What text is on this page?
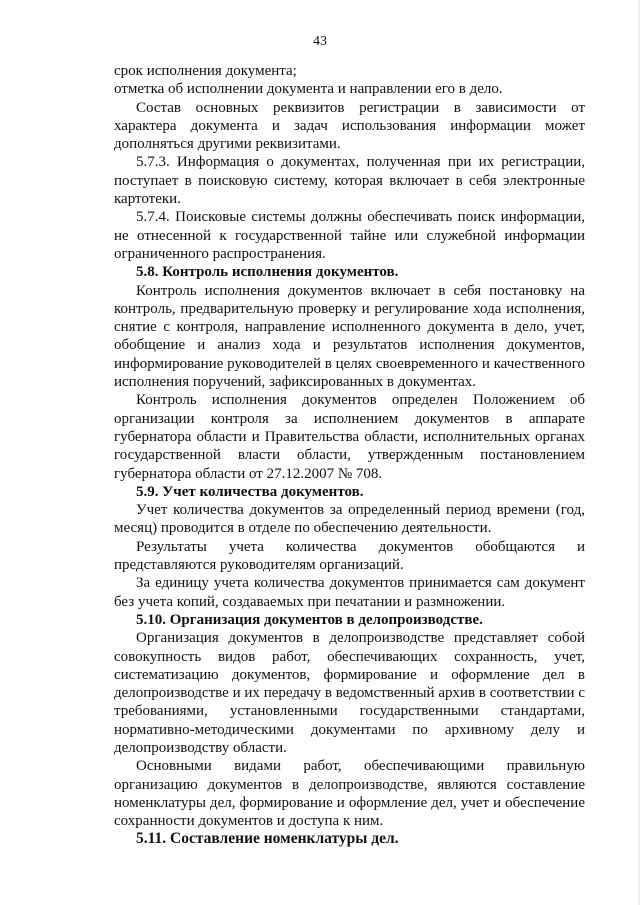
43

срок исполнения документа;

отметка об исполнении документа и направлении его в дело.

Состав основных реквизитов регистрации в зависимости от характера документа и задач использования информации может дополняться другими реквизитами.

5.7.3. Информация о документах, полученная при их регистрации, поступает в поисковую систему, которая включает в себя электронные картотеки.

5.7.4. Поисковые системы должны обеспечивать поиск информации, не отнесенной к государственной тайне или служебной информации ограниченного распространения.

5.8. Контроль исполнения документов.

Контроль исполнения документов включает в себя постановку на контроль, предварительную проверку и регулирование хода исполнения, снятие с контроля, направление исполненного документа в дело, учет, обобщение и анализ хода и результатов исполнения документов, информирование руководителей в целях своевременного и качественного исполнения поручений, зафиксированных в документах.

Контроль исполнения документов определен Положением об организации контроля за исполнением документов в аппарате губернатора области и Правительства области, исполнительных органах государственной власти области, утвержденным постановлением губернатора области от 27.12.2007 № 708.

5.9. Учет количества документов.

Учет количества документов за определенный период времени (год, месяц) проводится в отделе по обеспечению деятельности.

Результаты учета количества документов обобщаются и представляются руководителям организаций.

За единицу учета количества документов принимается сам документ без учета копий, создаваемых при печатании и размножении.

5.10. Организация документов в делопроизводстве.

Организация документов в делопроизводстве представляет собой совокупность видов работ, обеспечивающих сохранность, учет, систематизацию документов, формирование и оформление дел в делопроизводстве и их передачу в ведомственный архив в соответствии с требованиями, установленными государственными стандартами, нормативно-методическими документами по архивному делу и делопроизводству области.

Основными видами работ, обеспечивающими правильную организацию документов в делопроизводстве, являются составление номенклатуры дел, формирование и оформление дел, учет и обеспечение сохранности документов и доступа к ним.

5.11. Составление номенклатуры дел.
